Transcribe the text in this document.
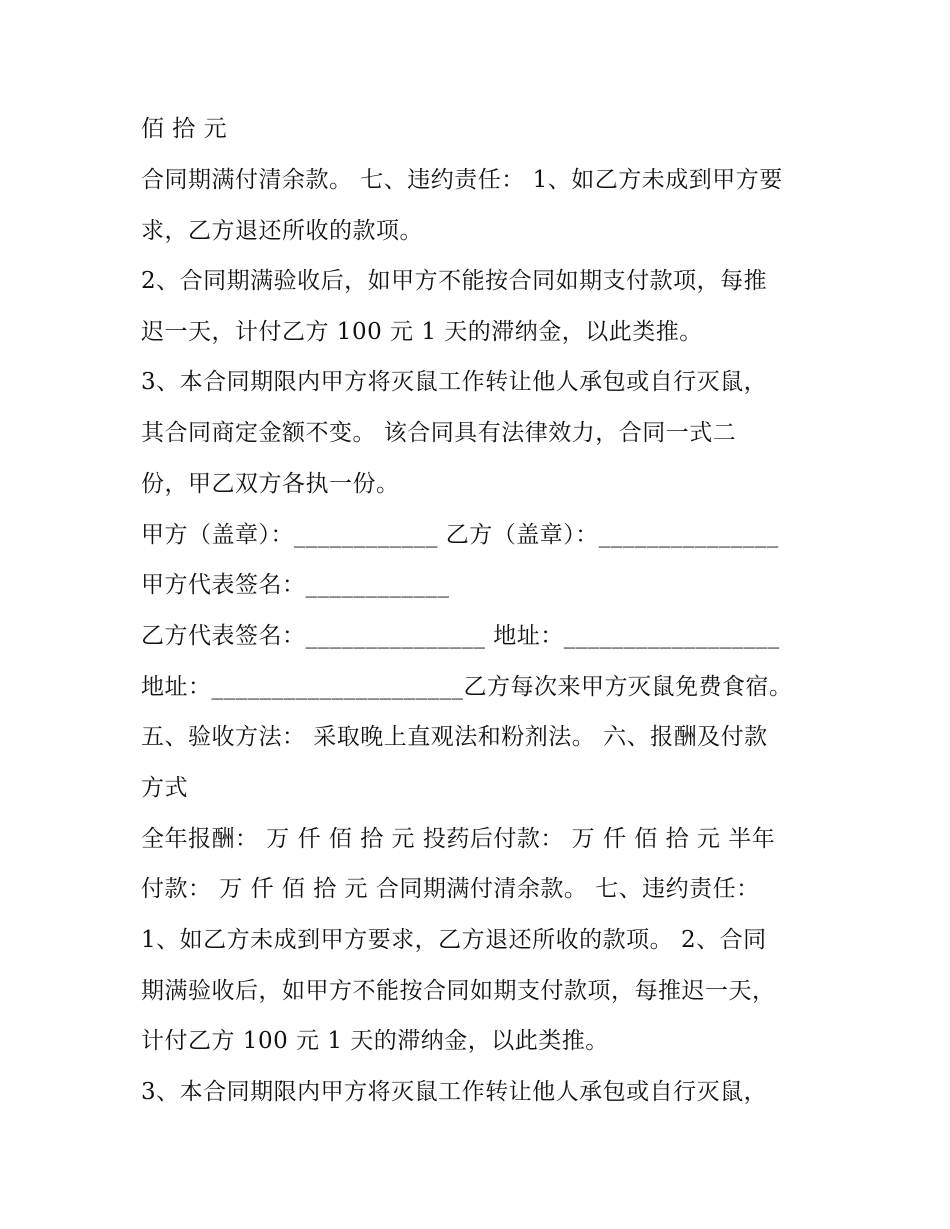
佰 拾 元
合同期满付清余款。 七、违约责任： 1、如乙方未成到甲方要
求，乙方退还所收的款项。
2、合同期满验收后，如甲方不能按合同如期支付款项，每推
迟一天，计付乙方 100 元 1 天的滞纳金，以此类推。
3、本合同期限内甲方将灭鼠工作转让他人承包或自行灭鼠，
其合同商定金额不变。 该合同具有法律效力，合同一式二
份，甲乙双方各执一份。
甲方（盖章）：____________ 乙方（盖章）：_______________
甲方代表签名：____________
乙方代表签名：_______________ 地址：__________________
地址：_____________________乙方每次来甲方灭鼠免费食宿。
五、验收方法： 采取晚上直观法和粉剂法。 六、报酬及付款
方式
全年报酬： 万 仟 佰 拾 元 投药后付款： 万 仟 佰 拾 元 半年
付款： 万 仟 佰 拾 元 合同期满付清余款。 七、违约责任：
1、如乙方未成到甲方要求，乙方退还所收的款项。 2、合同
期满验收后，如甲方不能按合同如期支付款项，每推迟一天，
计付乙方 100 元 1 天的滞纳金，以此类推。
3、本合同期限内甲方将灭鼠工作转让他人承包或自行灭鼠，
